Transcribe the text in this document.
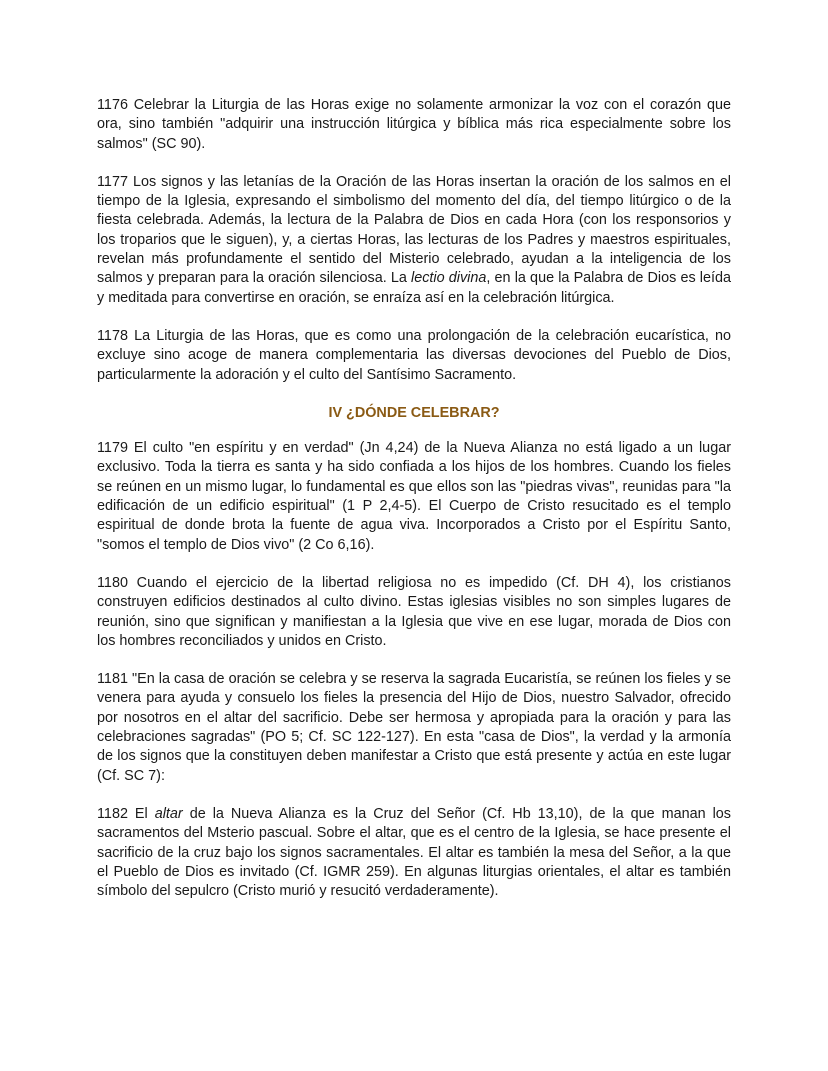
1176 Celebrar la Liturgia de las Horas exige no solamente armonizar la voz con el corazón que ora, sino también "adquirir una instrucción litúrgica y bíblica más rica especialmente sobre los salmos" (SC 90).

1177 Los signos y las letanías de la Oración de las Horas insertan la oración de los salmos en el tiempo de la Iglesia, expresando el simbolismo del momento del día, del tiempo litúrgico o de la fiesta celebrada. Además, la lectura de la Palabra de Dios en cada Hora (con los responsorios y los troparios que le siguen), y, a ciertas Horas, las lecturas de los Padres y maestros espirituales, revelan más profundamente el sentido del Misterio celebrado, ayudan a la inteligencia de los salmos y preparan para la oración silenciosa. La lectio divina, en la que la Palabra de Dios es leída y meditada para convertirse en oración, se enraíza así en la celebración litúrgica.

1178 La Liturgia de las Horas, que es como una prolongación de la celebración eucarística, no excluye sino acoge de manera complementaria las diversas devociones del Pueblo de Dios, particularmente la adoración y el culto del Santísimo Sacramento.

IV ¿DÓNDE CELEBRAR?

1179 El culto "en espíritu y en verdad" (Jn 4,24) de la Nueva Alianza no está ligado a un lugar exclusivo. Toda la tierra es santa y ha sido confiada a los hijos de los hombres. Cuando los fieles se reúnen en un mismo lugar, lo fundamental es que ellos son las "piedras vivas", reunidas para "la edificación de un edificio espiritual" (1 P 2,4-5). El Cuerpo de Cristo resucitado es el templo espiritual de donde brota la fuente de agua viva. Incorporados a Cristo por el Espíritu Santo, "somos el templo de Dios vivo" (2 Co 6,16).

1180 Cuando el ejercicio de la libertad religiosa no es impedido (Cf. DH 4), los cristianos construyen edificios destinados al culto divino. Estas iglesias visibles no son simples lugares de reunión, sino que significan y manifiestan a la Iglesia que vive en ese lugar, morada de Dios con los hombres reconciliados y unidos en Cristo.

1181 "En la casa de oración se celebra y se reserva la sagrada Eucaristía, se reúnen los fieles y se venera para ayuda y consuelo los fieles la presencia del Hijo de Dios, nuestro Salvador, ofrecido por nosotros en el altar del sacrificio. Debe ser hermosa y apropiada para la oración y para las celebraciones sagradas" (PO 5; Cf. SC 122-127). En esta "casa de Dios", la verdad y la armonía de los signos que la constituyen deben manifestar a Cristo que está presente y actúa en este lugar (Cf. SC 7):

1182 El altar de la Nueva Alianza es la Cruz del Señor (Cf. Hb 13,10), de la que manan los sacramentos del Msterio pascual. Sobre el altar, que es el centro de la Iglesia, se hace presente el sacrificio de la cruz bajo los signos sacramentales. El altar es también la mesa del Señor, a la que el Pueblo de Dios es invitado (Cf. IGMR 259). En algunas liturgias orientales, el altar es también símbolo del sepulcro (Cristo murió y resucitó verdaderamente).
